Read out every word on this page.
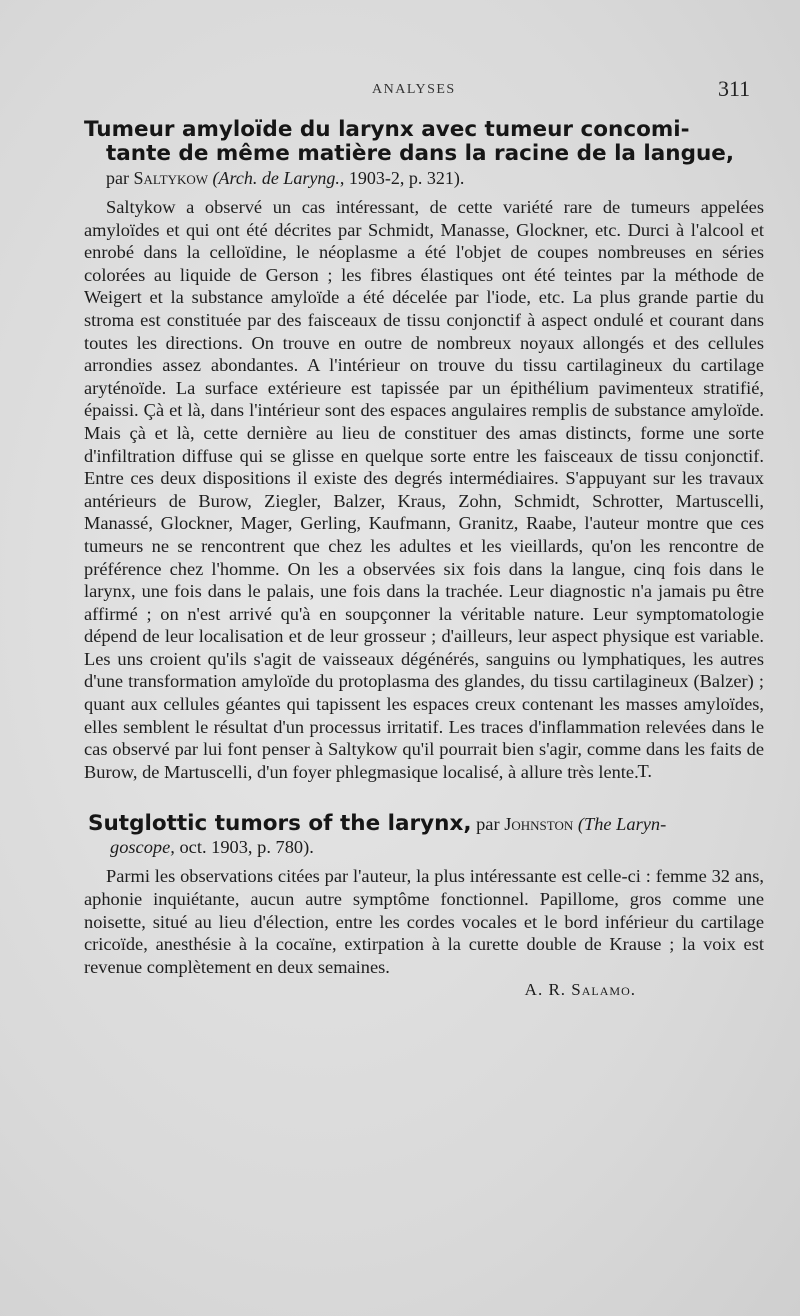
ANALYSES	311
Tumeur amyloïde du larynx avec tumeur concomi-
tante de même matière dans la racine de la langue,
par Saltykow (Arch. de Laryng., 1903-2, p. 321).

Saltykow a observé un cas intéressant, de cette variété rare de tumeurs appelées amyloïdes et qui ont été décrites par Schmidt, Manasse, Glockner, etc. Durci à l'alcool et enrobé dans la celloïdine, le néoplasme a été l'objet de coupes nombreuses en séries colorées au liquide de Gerson ; les fibres élastiques ont été teintes par la méthode de Weigert et la substance amyloïde a été décelée par l'iode, etc. La plus grande partie du stroma est constituée par des faisceaux de tissu conjonctif à aspect ondulé et courant dans toutes les directions. On trouve en outre de nombreux noyaux allongés et des cellules arrondies assez abondantes. A l'intérieur on trouve du tissu cartilagineux du cartilage aryténoïde. La surface extérieure est tapissée par un épithélium pavimenteux stratifié, épaissi. Çà et là, dans l'intérieur sont des espaces angulaires remplis de substance amyloïde. Mais çà et là, cette dernière au lieu de constituer des amas distincts, forme une sorte d'infiltration diffuse qui se glisse en quelque sorte entre les faisceaux de tissu conjonctif. Entre ces deux dispositions il existe des degrés intermédiaires. S'appuyant sur les travaux antérieurs de Burow, Ziegler, Balzer, Kraus, Zohn, Schmidt, Schrotter, Martuscelli, Manassé, Glockner, Mager, Gerling, Kaufmann, Granitz, Raabe, l'auteur montre que ces tumeurs ne se rencontrent que chez les adultes et les vieillards, qu'on les rencontre de préférence chez l'homme. On les a observées six fois dans la langue, cinq fois dans le larynx, une fois dans le palais, une fois dans la trachée. Leur diagnostic n'a jamais pu être affirmé ; on n'est arrivé qu'à en soupçonner la véritable nature. Leur symptomatologie dépend de leur localisation et de leur grosseur ; d'ailleurs, leur aspect physique est variable. Les uns croient qu'ils s'agit de vaisseaux dégénérés, sanguins ou lymphatiques, les autres d'une transformation amyloïde du protoplasma des glandes, du tissu cartilagineux (Balzer) ; quant aux cellules géantes qui tapissent les espaces creux contenant les masses amyloïdes, elles semblent le résultat d'un processus irritatif. Les traces d'inflammation relevées dans le cas observé par lui font penser à Saltykow qu'il pourrait bien s'agir, comme dans les faits de Burow, de Martuscelli, d'un foyer phlegmasique localisé, à allure très lente.

T.
Sutglottic tumors of the larynx, par Johnston (The Laryn-
goscope, oct. 1903, p. 780).

Parmi les observations citées par l'auteur, la plus intéressante est celle-ci : femme 32 ans, aphonie inquiétante, aucun autre symptôme fonctionnel. Papillome, gros comme une noisette, situé au lieu d'élection, entre les cordes vocales et le bord inférieur du cartilage cricoïde, anesthésie à la cocaïne, extirpation à la curette double de Krause ; la voix est revenue complètement en deux semaines.

A. R. Salamo.
